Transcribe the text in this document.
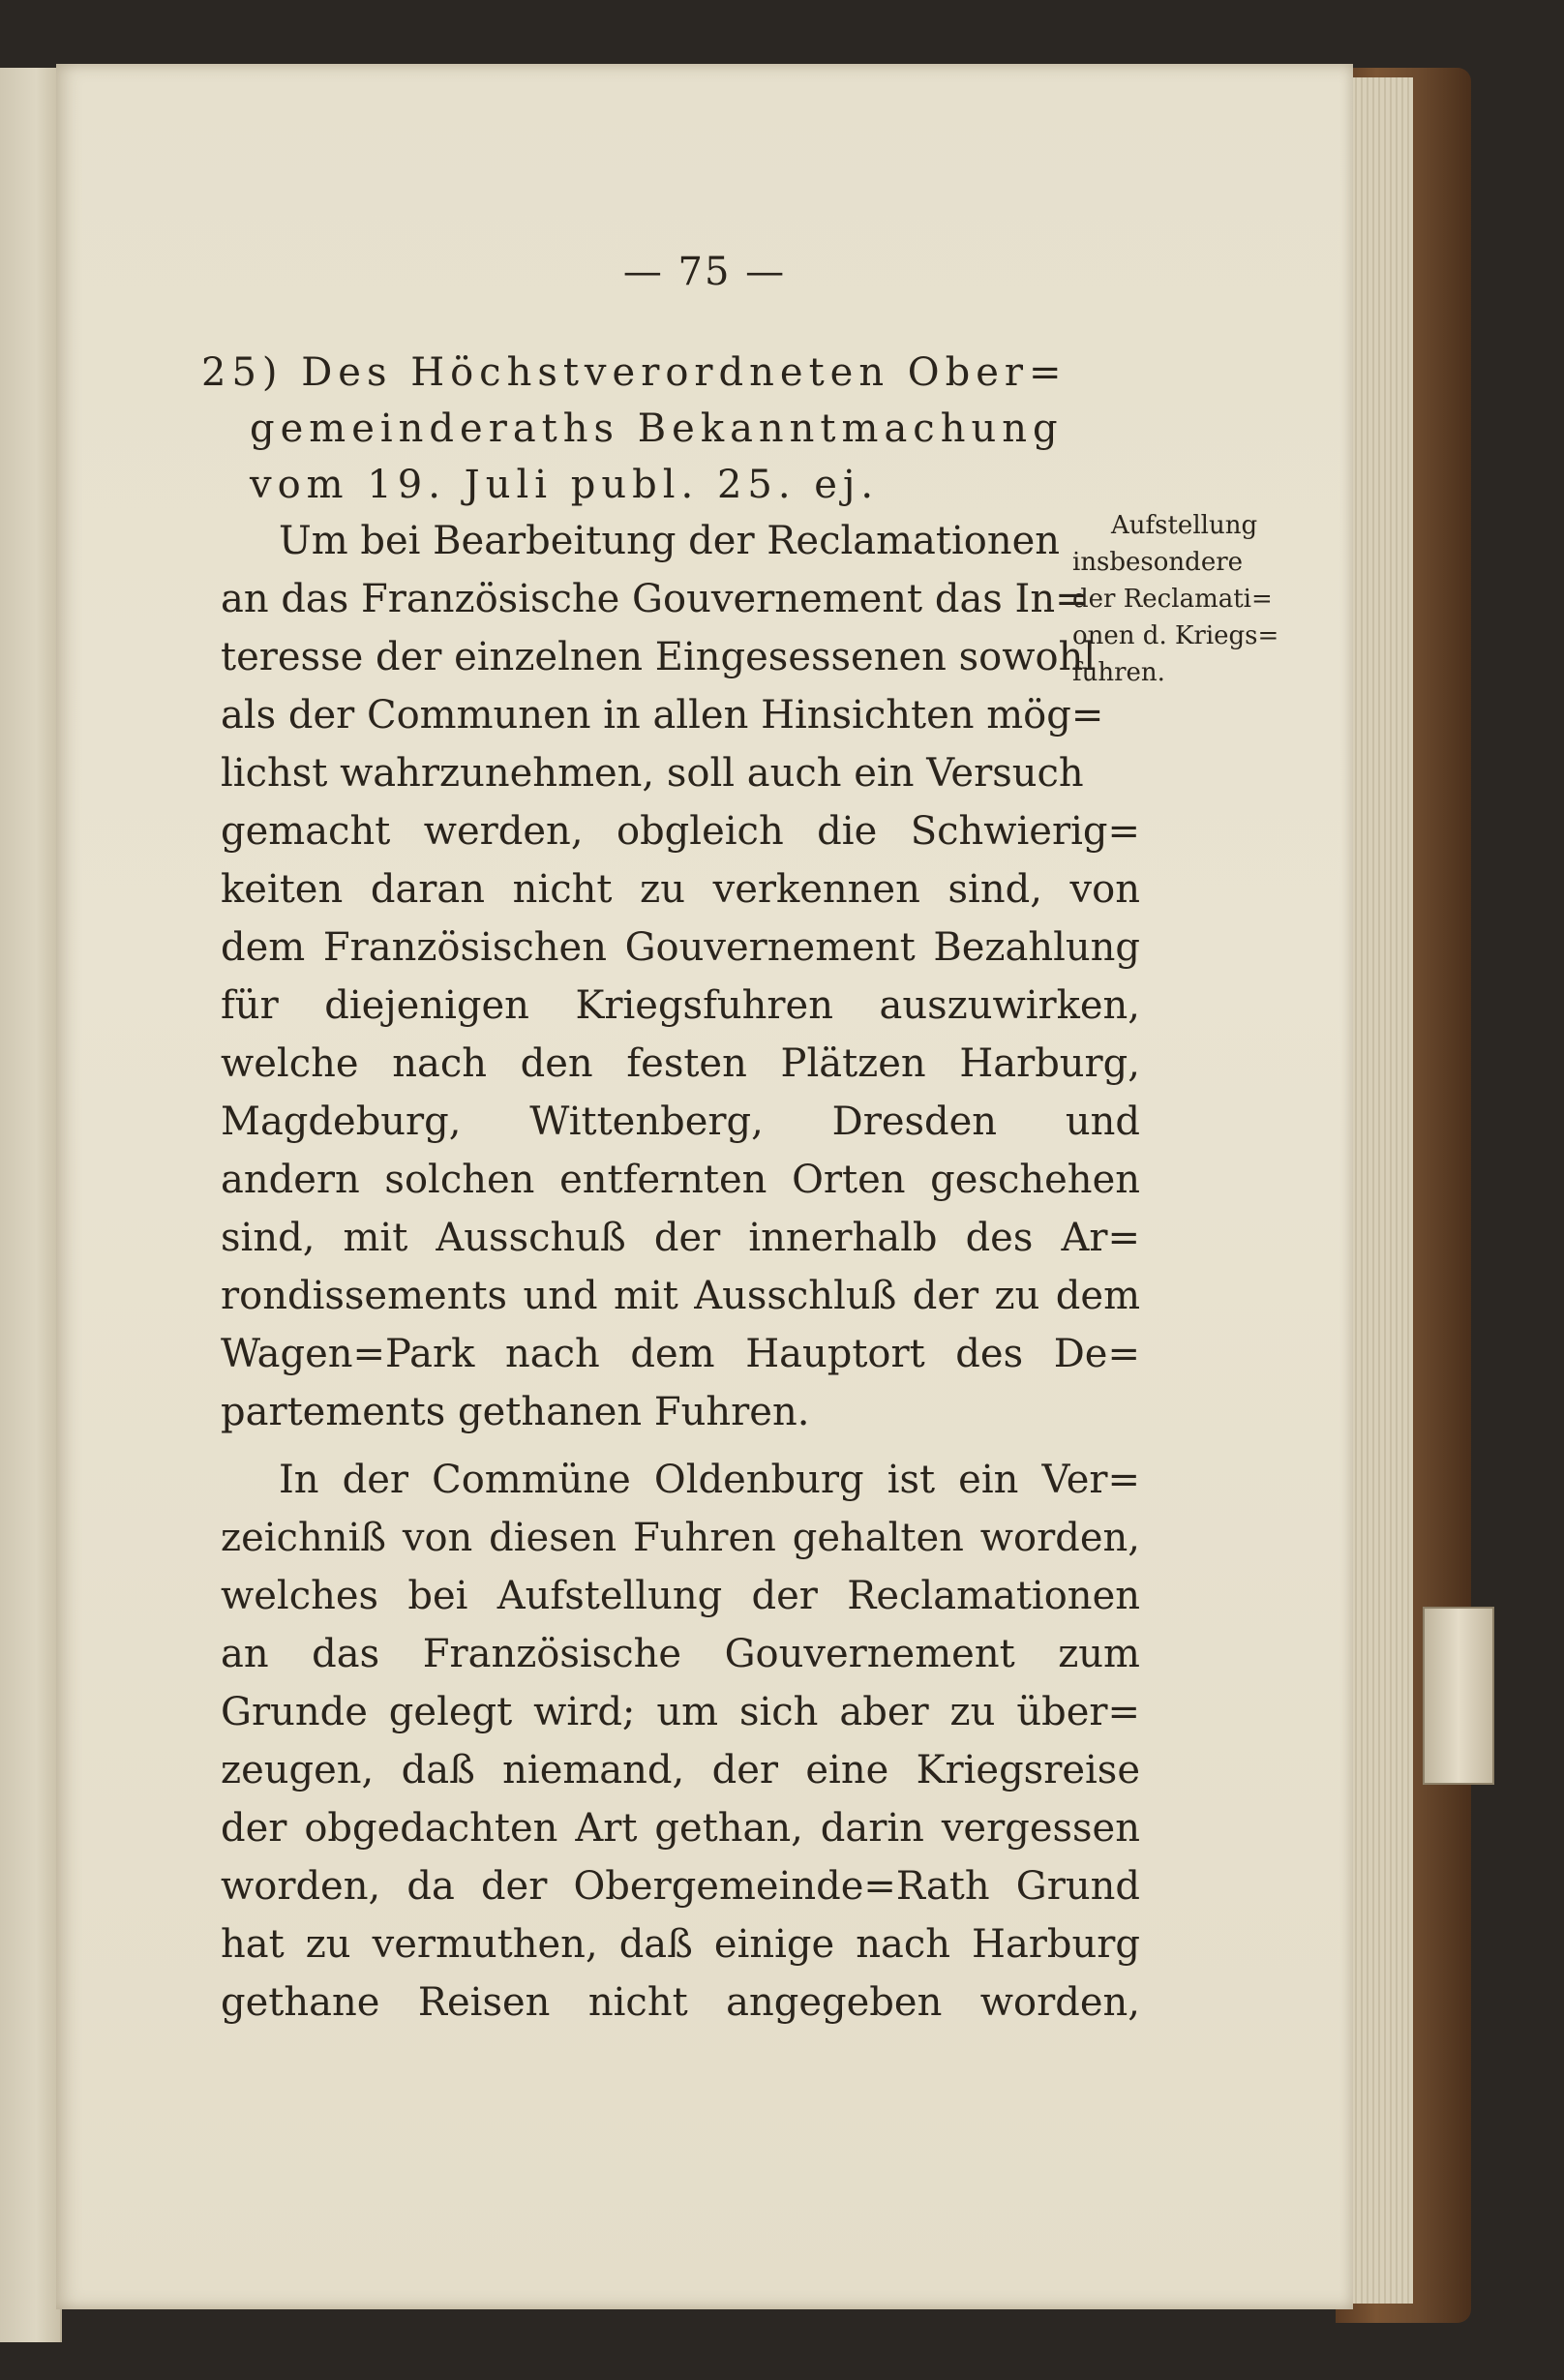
— 75 —
25) Des Höchstverordneten Ober=
gemeinderaths Bekanntmachung
vom 19. Juli publ. 25. ej.
Aufstellung
insbesondere
der Reclamati=
onen d. Kriegs=
fuhren.
Um bei Bearbeitung der Reclamationen
an das Französische Gouvernement das In=
teresse der einzelnen Eingesessenen sowohl
als der Communen in allen Hinsichten mög=
lichst wahrzunehmen, soll auch ein Versuch
gemacht werden, obgleich die Schwierig=
keiten daran nicht zu verkennen sind, von
dem Französischen Gouvernement Bezahlung
für diejenigen Kriegsfuhren auszuwirken,
welche nach den festen Plätzen Harburg,
Magdeburg, Wittenberg, Dresden und
andern solchen entfernten Orten geschehen
sind, mit Ausschuß der innerhalb des Ar=
rondissements und mit Ausschluß der zu dem
Wagen=Park nach dem Hauptort des De=
partements gethanen Fuhren.
In der Commüne Oldenburg ist ein Ver=
zeichniß von diesen Fuhren gehalten worden,
welches bei Aufstellung der Reclamationen
an das Französische Gouvernement zum
Grunde gelegt wird; um sich aber zu über=
zeugen, daß niemand, der eine Kriegsreise
der obgedachten Art gethan, darin vergessen
worden, da der Obergemeinde=Rath Grund
hat zu vermuthen, daß einige nach Harburg
gethane Reisen nicht angegeben worden,
